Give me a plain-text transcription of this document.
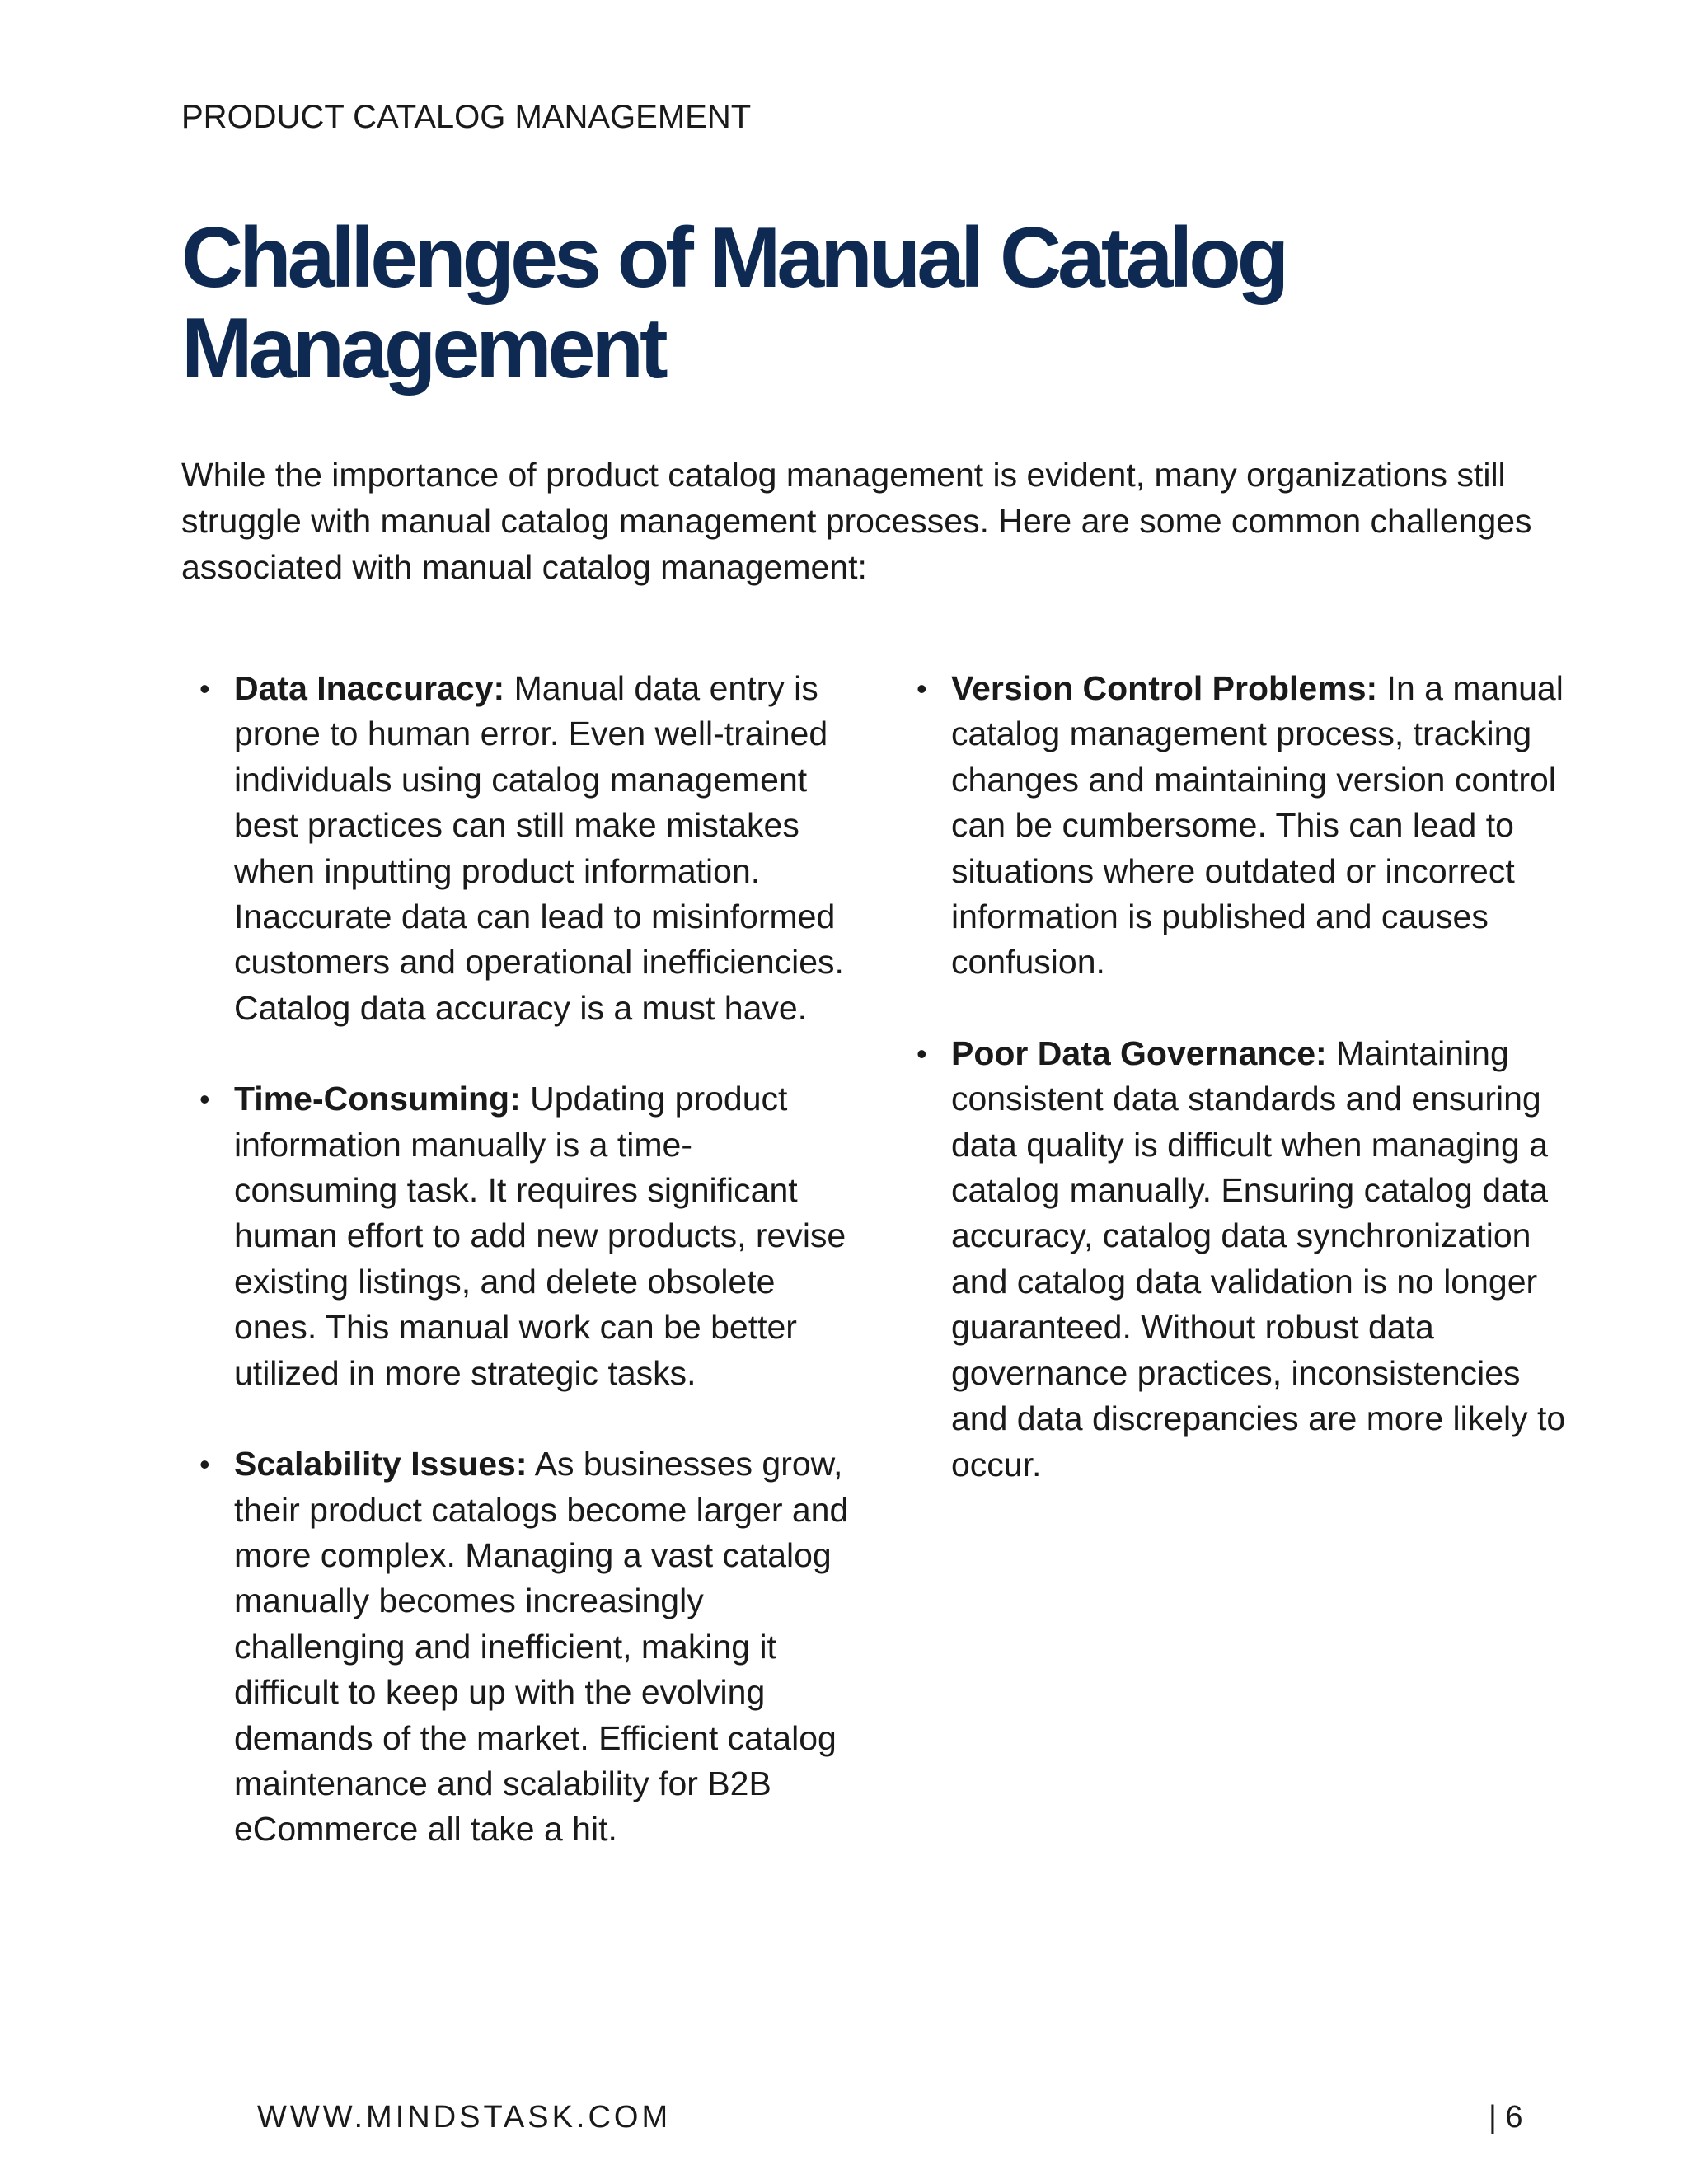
PRODUCT CATALOG MANAGEMENT
Challenges of Manual Catalog Management

While the importance of product catalog management is evident, many organizations still struggle with manual catalog management processes. Here are some common challenges associated with manual catalog management:

• Data Inaccuracy: Manual data entry is prone to human error. Even well-trained individuals using catalog management best practices can still make mistakes when inputting product information. Inaccurate data can lead to misinformed customers and operational inefficiencies. Catalog data accuracy is a must have.
• Time-Consuming: Updating product information manually is a time-consuming task. It requires significant human effort to add new products, revise existing listings, and delete obsolete ones. This manual work can be better utilized in more strategic tasks.
• Scalability Issues: As businesses grow, their product catalogs become larger and more complex. Managing a vast catalog manually becomes increasingly challenging and inefficient, making it difficult to keep up with the evolving demands of the market. Efficient catalog maintenance and scalability for B2B eCommerce all take a hit.
• Version Control Problems: In a manual catalog management process, tracking changes and maintaining version control can be cumbersome. This can lead to situations where outdated or incorrect information is published and causes confusion.
• Poor Data Governance: Maintaining consistent data standards and ensuring data quality is difficult when managing a catalog manually. Ensuring catalog data accuracy, catalog data synchronization and catalog data validation is no longer guaranteed. Without robust data governance practices, inconsistencies and data discrepancies are more likely to occur.
WWW.MINDSTASK.COM	| 6
